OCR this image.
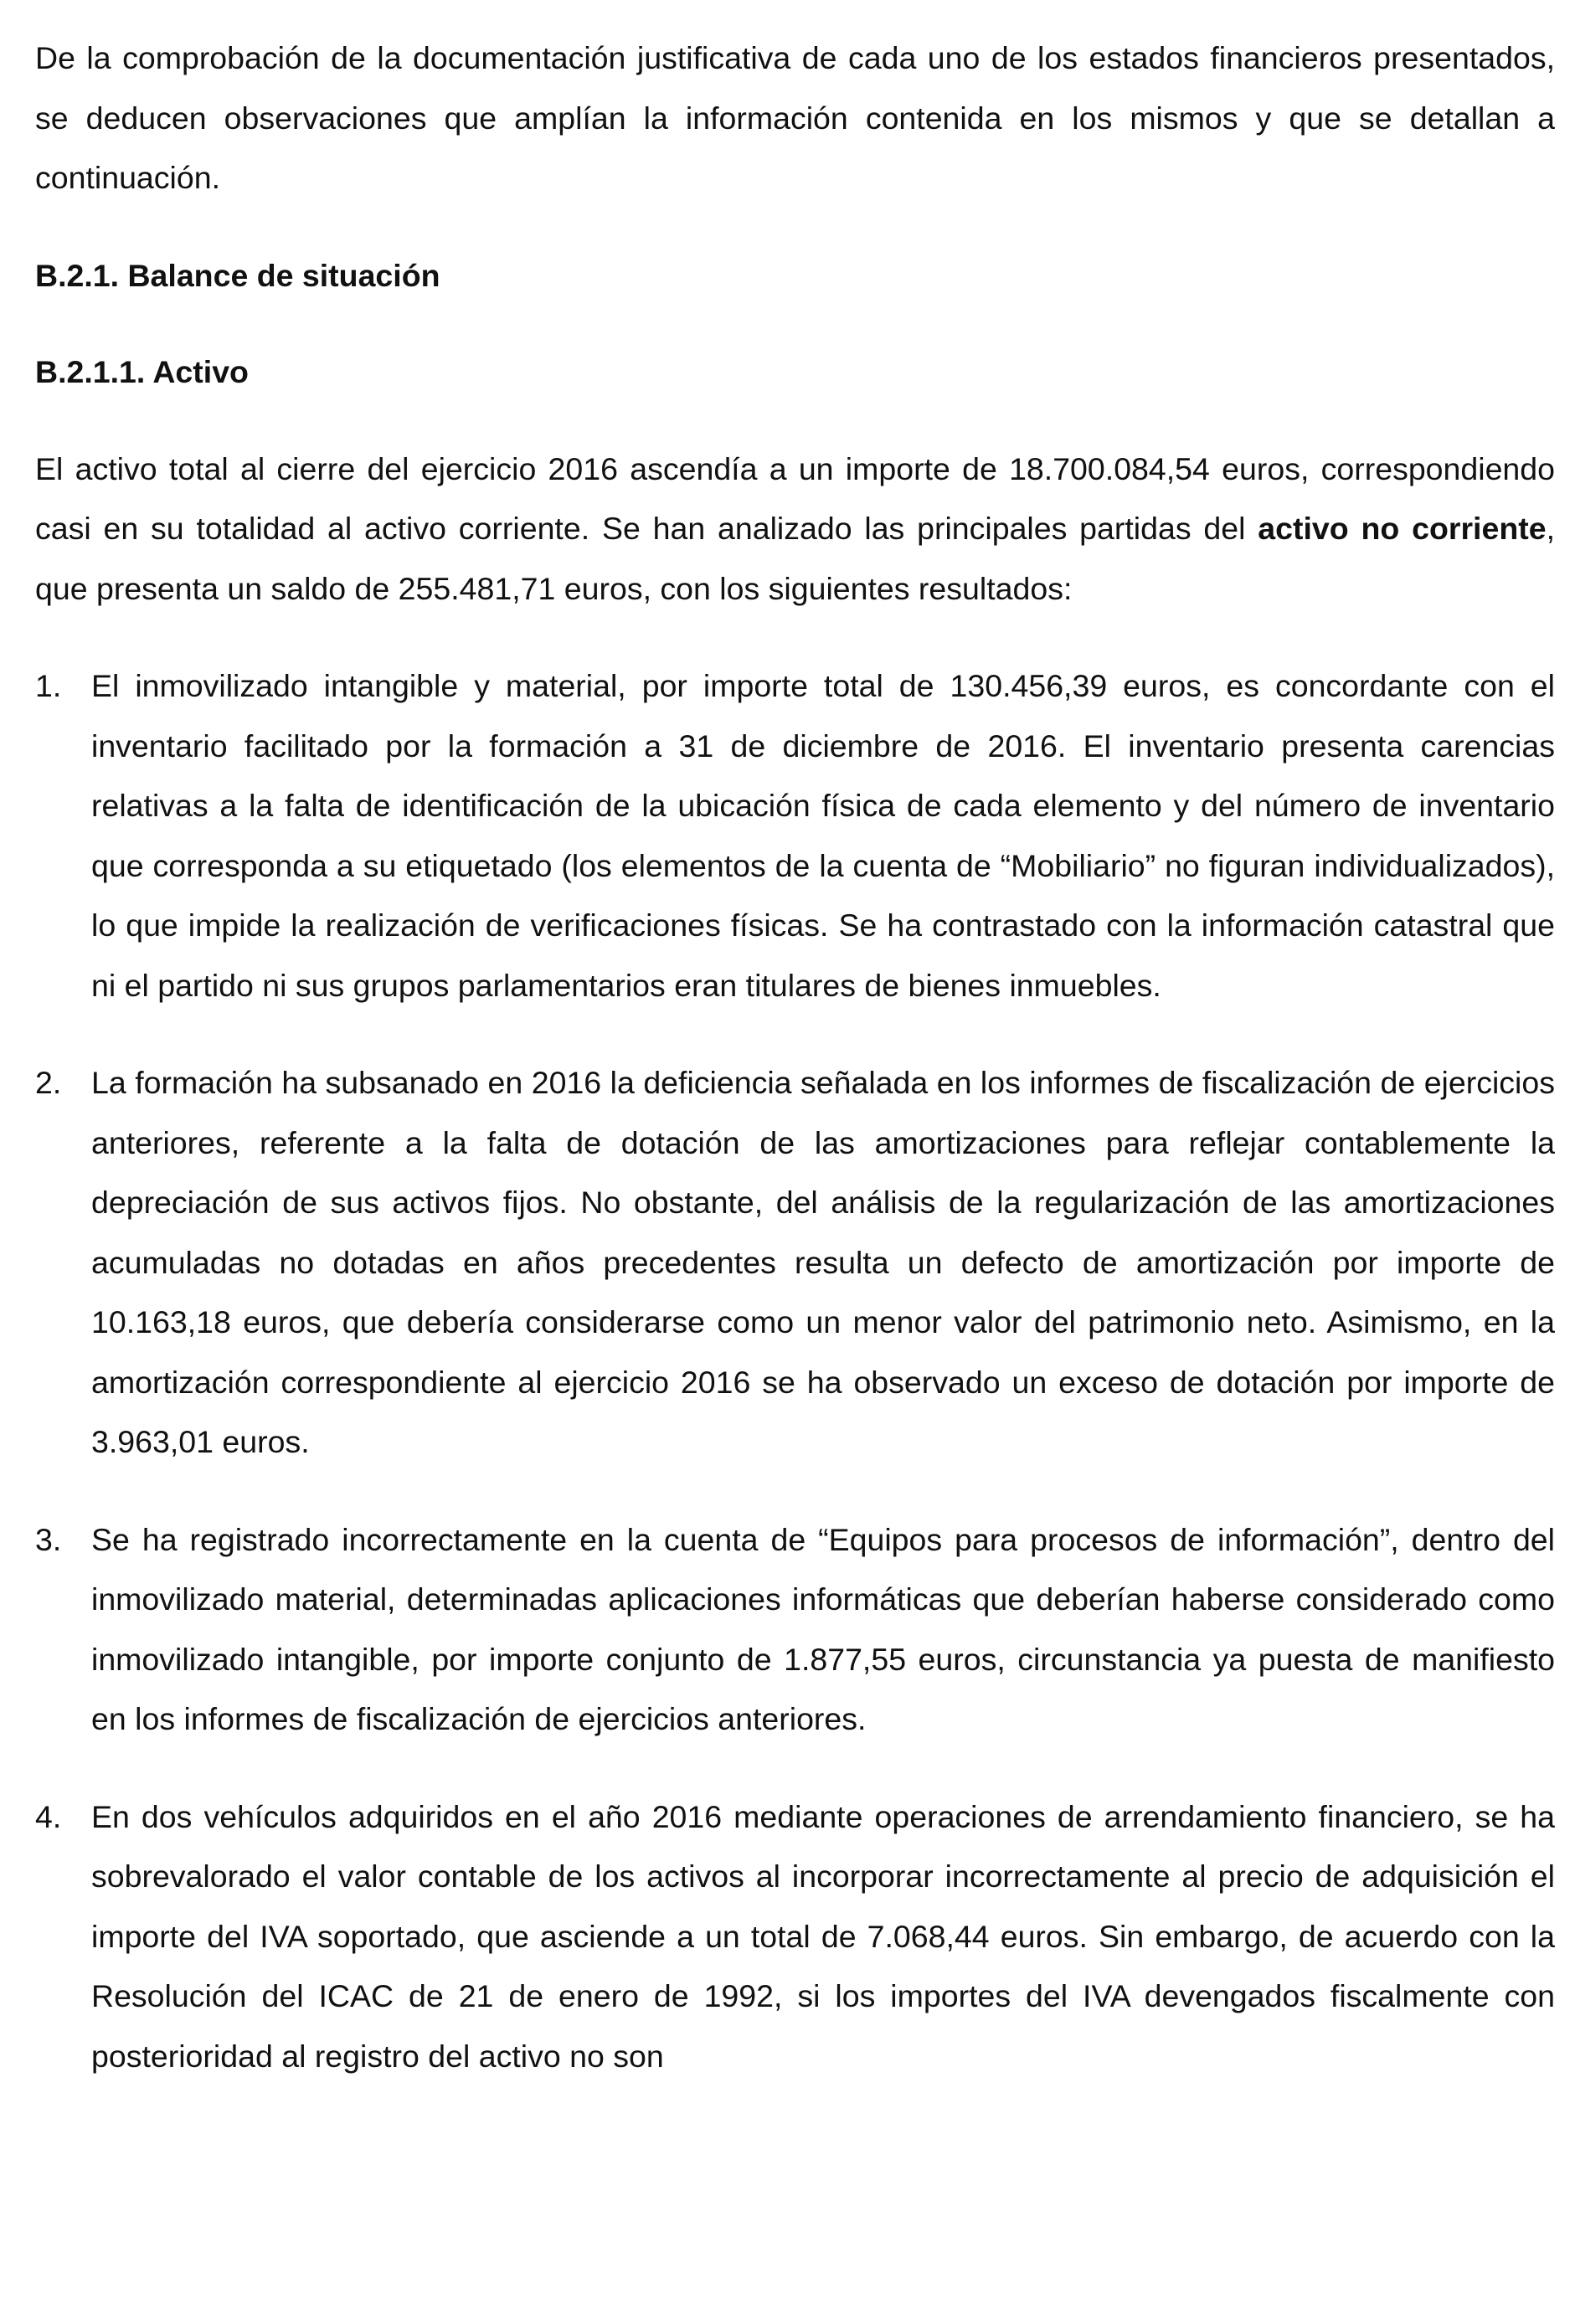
De la comprobación de la documentación justificativa de cada uno de los estados financieros presentados, se deducen observaciones que amplían la información contenida en los mismos y que se detallan a continuación.

B.2.1. Balance de situación
B.2.1.1. Activo

El activo total al cierre del ejercicio 2016 ascendía a un importe de 18.700.084,54 euros, correspondiendo casi en su totalidad al activo corriente. Se han analizado las principales partidas del activo no corriente, que presenta un saldo de 255.481,71 euros, con los siguientes resultados:

1. El inmovilizado intangible y material, por importe total de 130.456,39 euros, es concordante con el inventario facilitado por la formación a 31 de diciembre de 2016. El inventario presenta carencias relativas a la falta de identificación de la ubicación física de cada elemento y del número de inventario que corresponda a su etiquetado (los elementos de la cuenta de “Mobiliario” no figuran individualizados), lo que impide la realización de verificaciones físicas. Se ha contrastado con la información catastral que ni el partido ni sus grupos parlamentarios eran titulares de bienes inmuebles.

2. La formación ha subsanado en 2016 la deficiencia señalada en los informes de fiscalización de ejercicios anteriores, referente a la falta de dotación de las amortizaciones para reflejar contablemente la depreciación de sus activos fijos. No obstante, del análisis de la regularización de las amortizaciones acumuladas no dotadas en años precedentes resulta un defecto de amortización por importe de 10.163,18 euros, que debería considerarse como un menor valor del patrimonio neto. Asimismo, en la amortización correspondiente al ejercicio 2016 se ha observado un exceso de dotación por importe de 3.963,01 euros.

3. Se ha registrado incorrectamente en la cuenta de “Equipos para procesos de información”, dentro del inmovilizado material, determinadas aplicaciones informáticas que deberían haberse considerado como inmovilizado intangible, por importe conjunto de 1.877,55 euros, circunstancia ya puesta de manifiesto en los informes de fiscalización de ejercicios anteriores.

4. En dos vehículos adquiridos en el año 2016 mediante operaciones de arrendamiento financiero, se ha sobrevalorado el valor contable de los activos al incorporar incorrectamente al precio de adquisición el importe del IVA soportado, que asciende a un total de 7.068,44 euros. Sin embargo, de acuerdo con la Resolución del ICAC de 21 de enero de 1992, si los importes del IVA devengados fiscalmente con posterioridad al registro del activo no son
